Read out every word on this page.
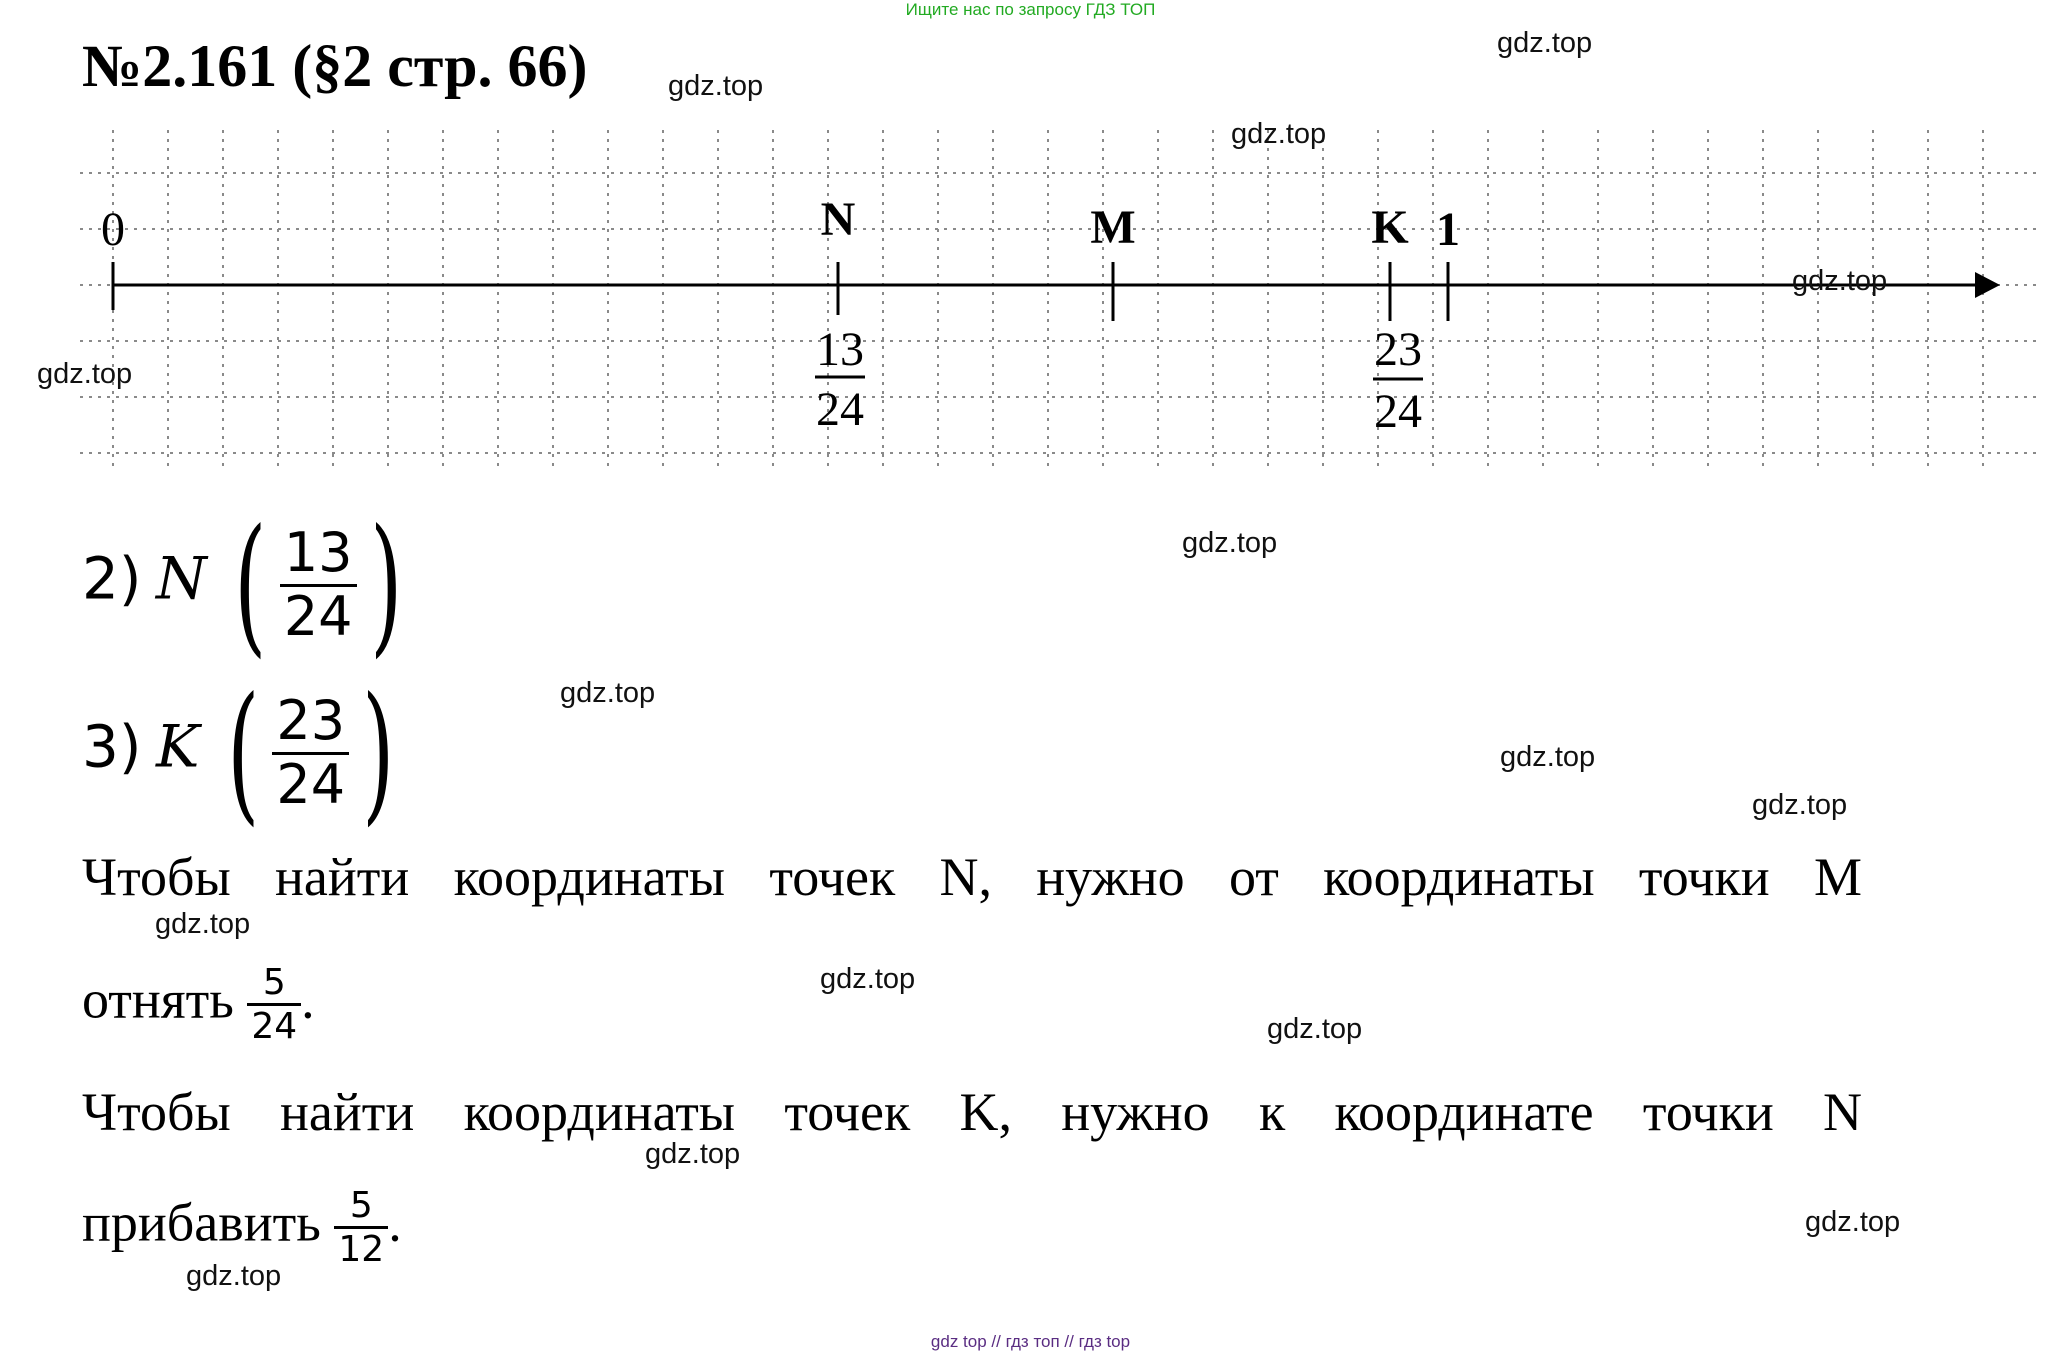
Ищите нас по запросу ГДЗ ТОП
№2.161 (§2 стр. 66)
0	1
N	M	K
13
24
23
24
2) N ( $\frac{13}{24}$ )
3) K ( $\frac{23}{24}$ )
Чтобы найти координаты точек N, нужно от координаты точки M
отнять $\frac{5}{24}$ .
Чтобы найти координаты точек K, нужно к координате точки N
прибавить $\frac{5}{12}$ .
gdz.top
gdz.top
gdz.top
gdz.top
gdz.top
gdz.top
gdz.top
gdz.top
gdz.top
gdz.top
gdz.top
gdz.top
gdz.top
gdz.top
gdz.top
gdz top // гдз топ // гдз top
